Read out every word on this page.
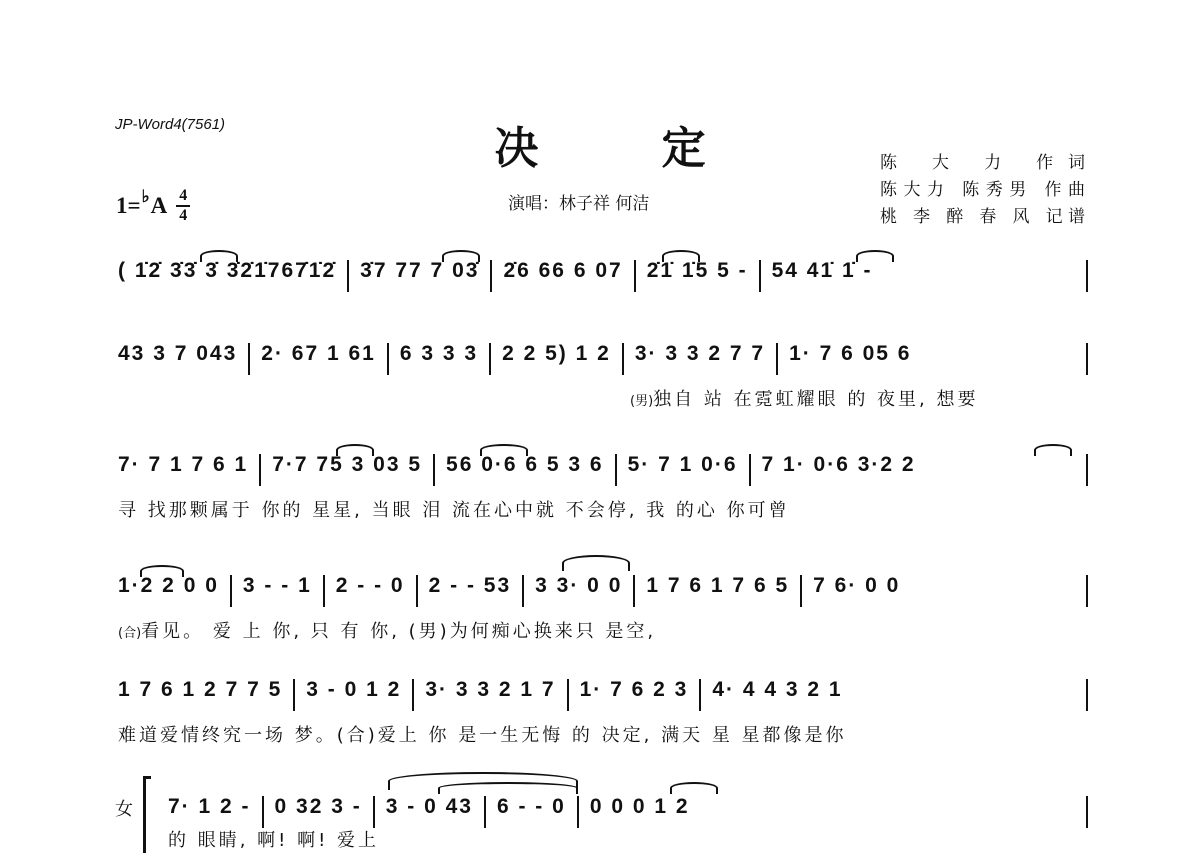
JP-Word4(7561)	决 定
1= ♭ A 4
4
演唱：林子祥 何洁
陈 大 力 作词
陈大力 陈秀男 作曲
桃 李 醉 春 风 记谱
( 1̇2̇ 3̇3̇ 3̇ 3̇2̇1̇767̇1̇2̇ 3̇7 77 7 03̇ 2̇6 66 6 07 2̇1̇ 1̇5 5 - 54 41̇ 1̇ -
43 3 7 043 2· 67 1 61 6 3 3 3 2 2 5) 1 2 3· 3 3 2 7 7 1· 7 6 05 6
(男)独自 站 在霓虹耀眼 的 夜里, 想要
7· 7 1 7 6 1 7·7 75 3 03 5 56 0·6 6 5 3 6 5· 7 1 0·6 7 1· 0·6 3·2 2
寻 找那颗属于 你的 星星, 当眼 泪 流在心中就 不会停, 我 的心 你可曾
1·2 2 0 0 3 - - 1 2 - - 0 2 - - 53 3 3· 0 0 1 7 6 1 7 6 5 7 6· 0 0
(合)看见。 爱 上 你, 只 有 你, (男)为何痴心换来只 是空,
1 7 6 1 2 7 7 5 3 - 0 1 2 3· 3 3 2 1 7 1· 7 6 2 3 4· 4 4 3 2 1
难道爱情终究一场 梦。(合)爱上 你 是一生无悔 的 决定, 满天 星 星都像是你
女 7· 1 2 - 0 32 3 - 3 - 0 43 6 - - 0 0 0 0 1 2
的 眼睛, 啊! 啊! 爱上
